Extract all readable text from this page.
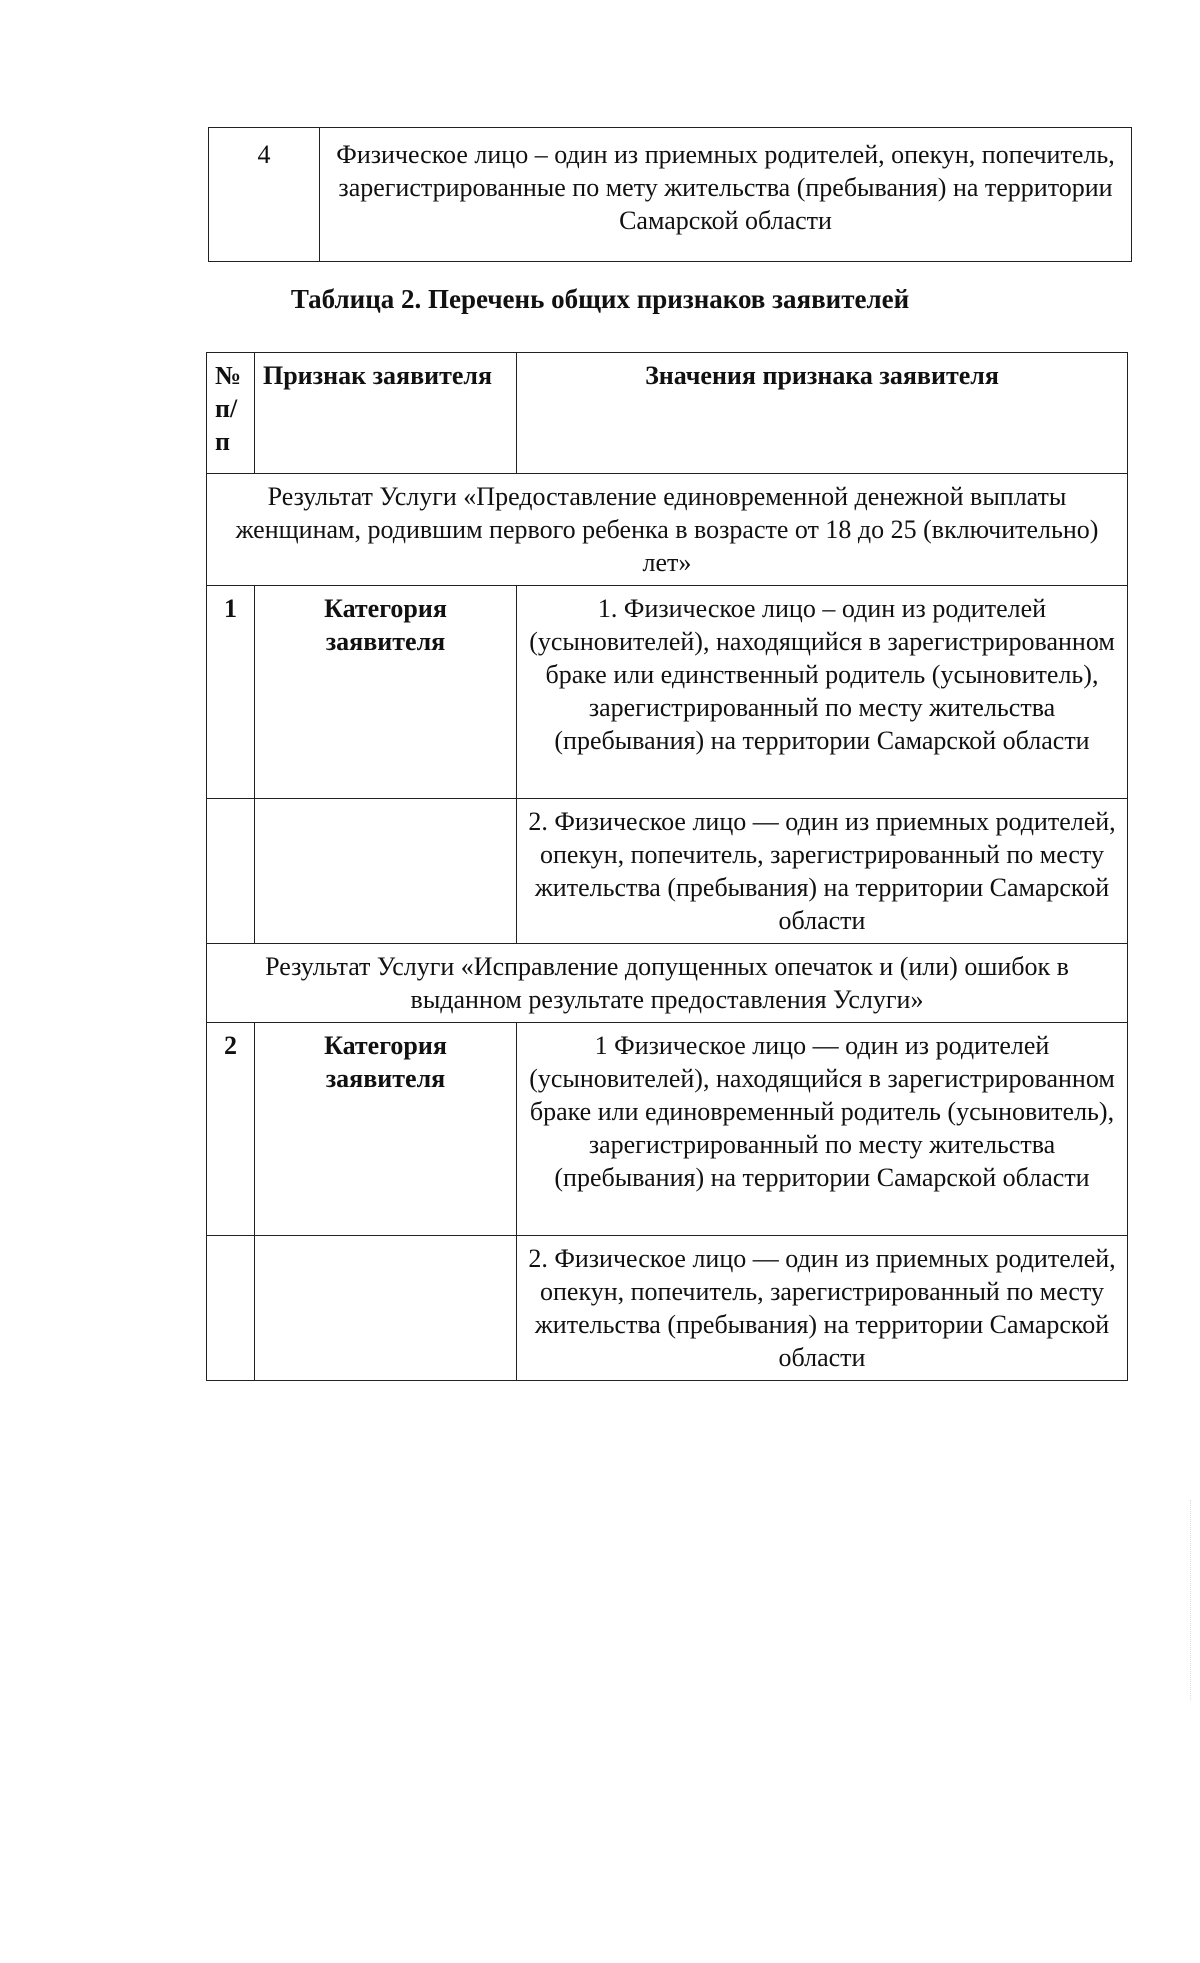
4	Физическое лицо – один из приемных родителей, опекун, попечитель, зарегистрированные по мету жительства (пребывания) на территории Самарской области
Таблица 2. Перечень общих признаков заявителей
№ п/п	Признак заявителя	Значения признака заявителя
Результат Услуги «Предоставление единовременной денежной выплаты женщинам, родившим первого ребенка в возрасте от 18 до 25 (включительно) лет»		
1	Категория заявителя	1. Физическое лицо – один из родителей (усыновителей), находящийся в зарегистрированном браке или единственный родитель (усыновитель), зарегистрированный по месту жительства (пребывания) на территории Самарской области
		2. Физическое лицо — один из приемных родителей, опекун, попечитель, зарегистрированный по месту жительства (пребывания) на территории Самарской области
Результат Услуги «Исправление допущенных опечаток и (или) ошибок в выданном результате предоставления Услуги»		
2	Категория заявителя	1 Физическое лицо — один из родителей (усыновителей), находящийся в зарегистрированном браке или единовременный родитель (усыновитель), зарегистрированный по месту жительства (пребывания) на территории Самарской области
		2. Физическое лицо — один из приемных родителей, опекун, попечитель, зарегистрированный по месту жительства (пребывания) на территории Самарской области
